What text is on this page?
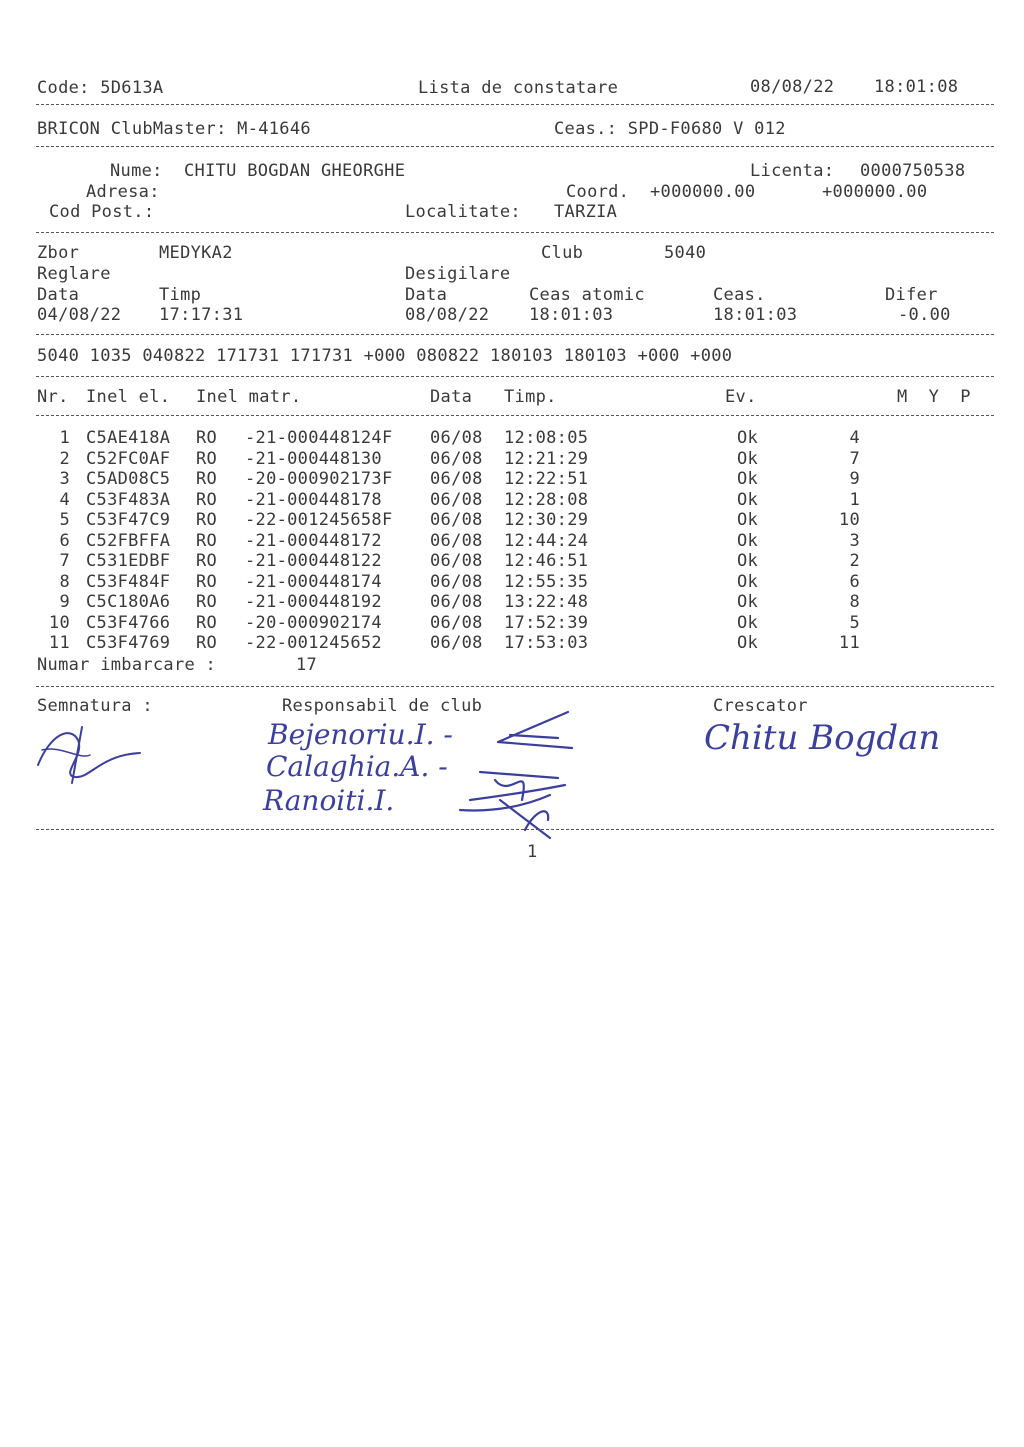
Code: 5D613A	Lista de constatare	08/08/22 18:01:08
BRICON ClubMaster: M-41646	Ceas.: SPD-F0680 V 012
Nume: CHITU BOGDAN GHEORGHE	Licenta: 0000750538
Adresa:	Coord. +000000.00	+000000.00
Cod Post.:	Localitate: TARZIA
Zbor	MEDYKA2	Club	5040
Reglare	Desigilare
Data	Timp	Data	Ceas atomic	Ceas.	Difer
04/08/22 17:17:31	08/08/22 18:01:03	18:01:03	-0.00
5040 1035 040822 171731 171731 +000 080822 180103 180103 +000 +000
Nr. Inel el. Inel matr.	Data Timp.	Ev.	M  Y  P
1 C5AE418A RO -21-000448124F 06/08 12:08:05	Ok	4
2 C52FC0AF RO -21-000448130	06/08 12:21:29	Ok	7
3 C5AD08C5 RO -20-000902173F 06/08 12:22:51	Ok	9
4 C53F483A RO -21-000448178	06/08 12:28:08	Ok	1
5 C53F47C9 RO -22-001245658F 06/08 12:30:29	Ok	10
6 C52FBFFA RO -21-000448172	06/08 12:44:24	Ok	3
7 C531EDBF RO -21-000448122	06/08 12:46:51	Ok	2
8 C53F484F RO -21-000448174	06/08 12:55:35	Ok	6
9 C5C180A6 RO -21-000448192	06/08 13:22:48	Ok	8
10 C53F4766 RO -20-000902174	06/08 17:52:39	Ok	5
11 C53F4769 RO -22-001245652	06/08 17:53:03	Ok	11
Numar imbarcare :	17
Semnatura :	Responsabil de club	Crescator
Bejenoriu.I. -
Calaghia.A. -
Ranoiti.I.
Chitu Bogdan
1
